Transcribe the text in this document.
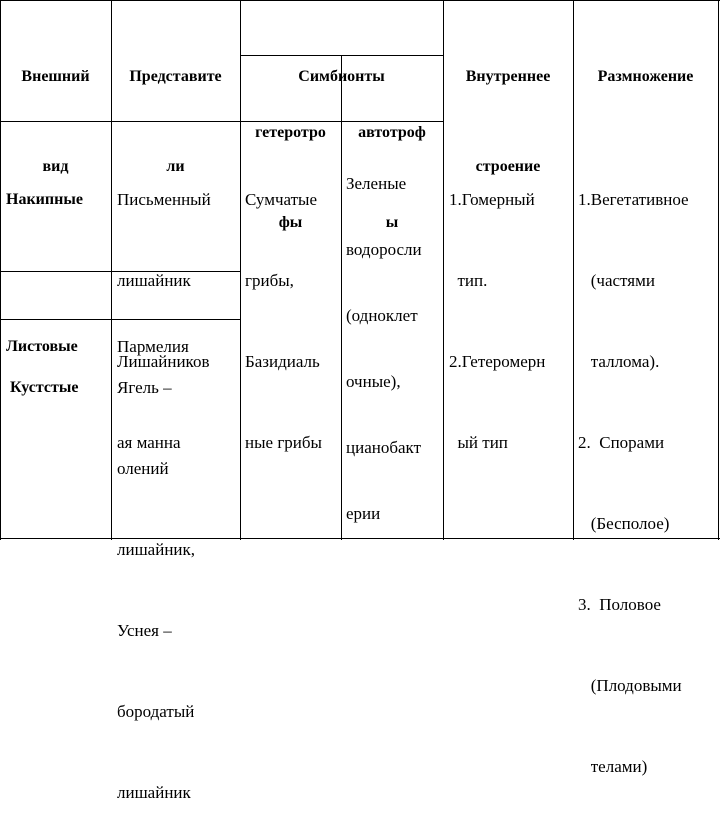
Внешний

вид

Представите

ли

Симбионты

гетеротро

фы

автотроф

ы

Внутреннее

строение

Размножение

Накипные

Письменный

лишайник

Лишайников

ая манна

Листовые

Пармелия

Кустстые

Ягель –

олений

лишайник,

Уснея –

бородатый

лишайник

Сумчатые

грибы,

Базидиаль

ные грибы

Зеленые

водоросли

(одноклет

очные),

цианобакт

ерии

1.Гомерный

тип.

2.Гетеромерн

ый тип

1.Вегетативное

(частями

таллома).

2.  Спорами

(Бесполое)

3.  Половое

(Плодовыми

телами)
